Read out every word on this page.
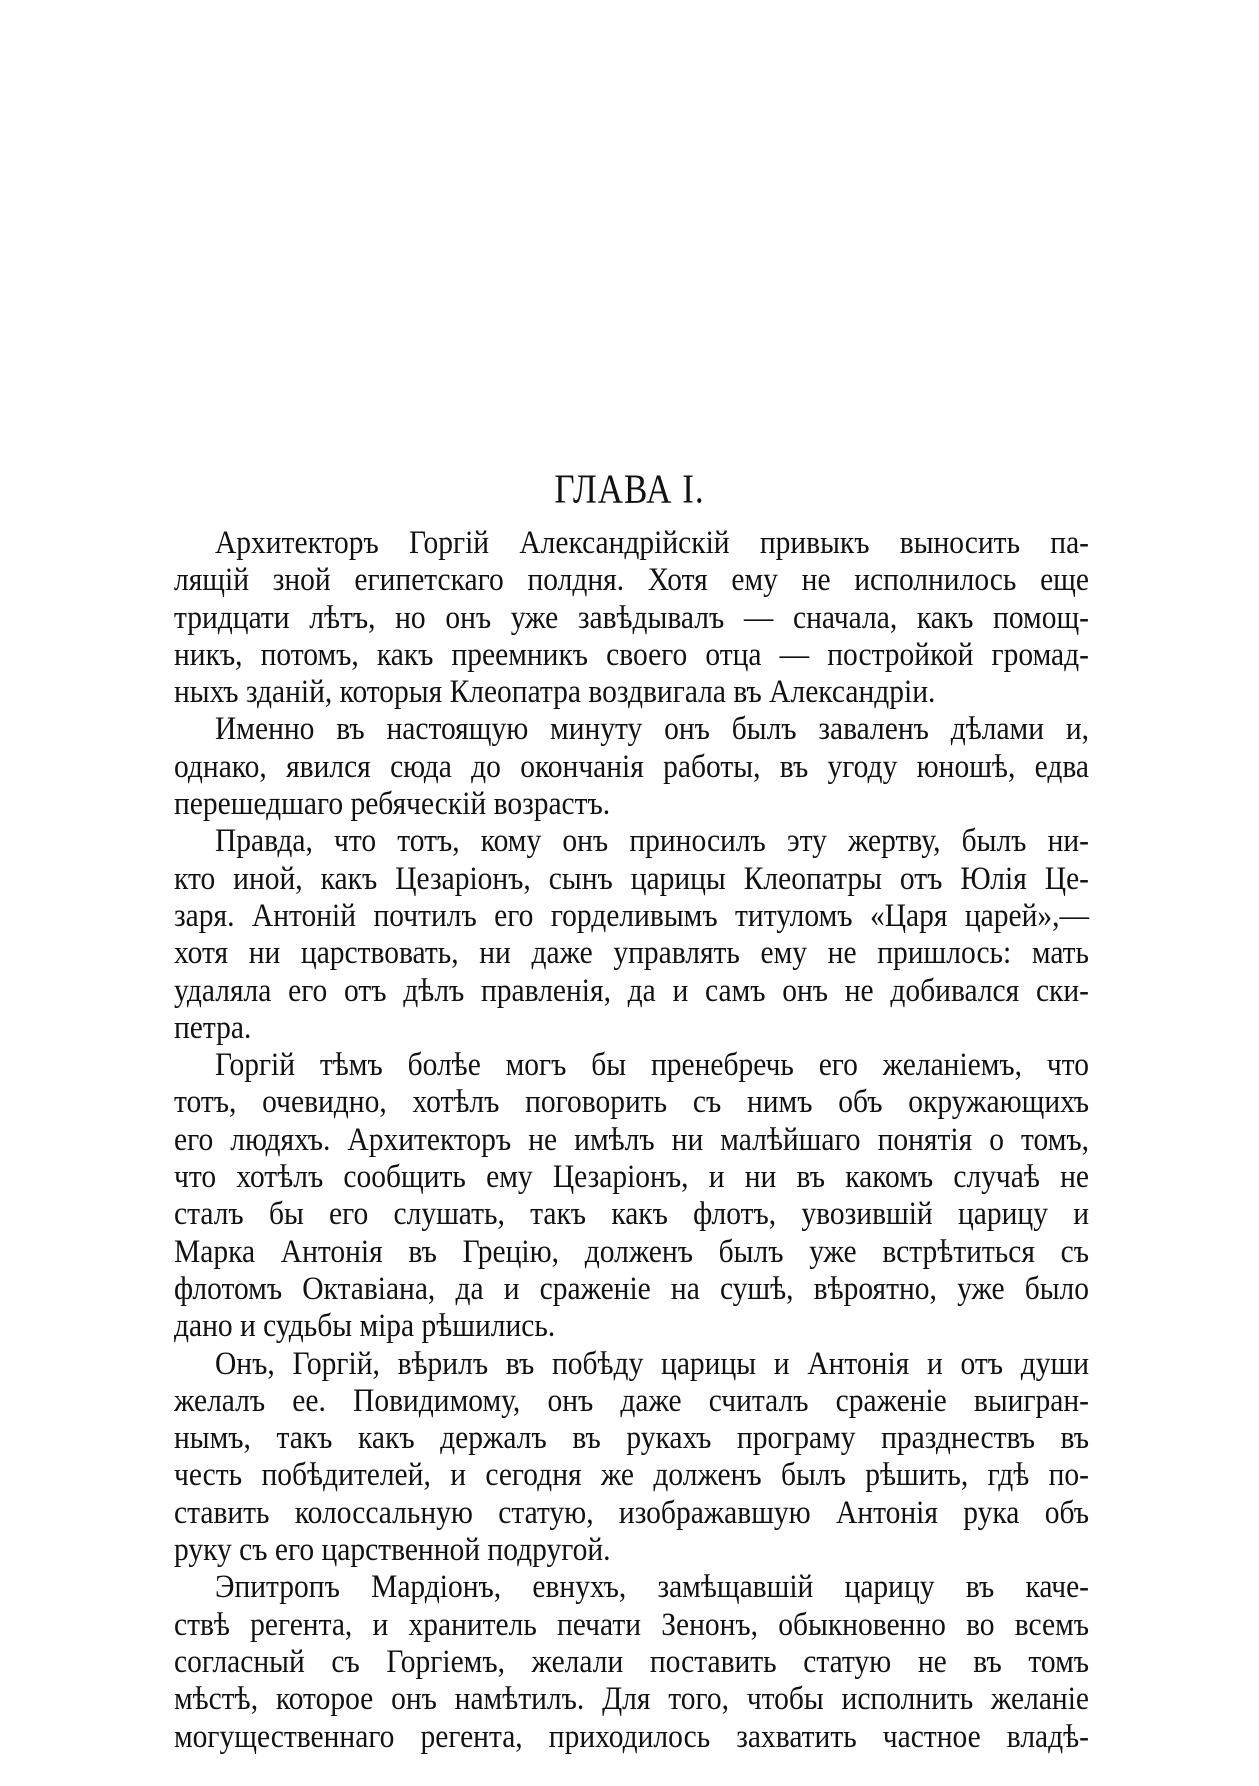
ГЛАВА I.
Архитекторъ Горгій Александрійскій привыкъ выносить па-
лящій зной египетскаго полдня. Хотя ему не исполнилось еще
тридцати лѣтъ, но онъ уже завѣдывалъ — сначала, какъ помощ-
никъ, потомъ, какъ преемникъ своего отца — постройкой громад-
ныхъ зданій, которыя Клеопатра воздвигала въ Александріи.
Именно въ настоящую минуту онъ былъ заваленъ дѣлами и,
однако, явился сюда до окончанія работы, въ угоду юношѣ, едва
перешедшаго ребяческій возрастъ.
Правда, что тотъ, кому онъ приносилъ эту жертву, былъ ни-
кто иной, какъ Цезаріонъ, сынъ царицы Клеопатры отъ Юлія Це-
заря. Антоній почтилъ его горделивымъ титуломъ «Царя царей»,—
хотя ни царствовать, ни даже управлять ему не пришлось: мать
удаляла его отъ дѣлъ правленія, да и самъ онъ не добивался ски-
петра.
Горгій тѣмъ болѣе могъ бы пренебречь его желаніемъ, что
тотъ, очевидно, хотѣлъ поговорить съ нимъ объ окружающихъ
его людяхъ. Архитекторъ не имѣлъ ни малѣйшаго понятія о томъ,
что хотѣлъ сообщить ему Цезаріонъ, и ни въ какомъ случаѣ не
сталъ бы его слушать, такъ какъ флотъ, увозившій царицу и
Марка Антонія въ Грецію, долженъ былъ уже встрѣтиться съ
флотомъ Октавіана, да и сраженіе на сушѣ, вѣроятно, уже было
дано и судьбы міра рѣшились.
Онъ, Горгій, вѣрилъ въ побѣду царицы и Антонія и отъ души
желалъ ее. Повидимому, онъ даже считалъ сраженіе выигран-
нымъ, такъ какъ держалъ въ рукахъ програму празднествъ въ
честь побѣдителей, и сегодня же долженъ былъ рѣшить, гдѣ по-
ставить колоссальную статую, изображавшую Антонія рука объ
руку съ его царственной подругой.
Эпитропъ Мардіонъ, евнухъ, замѣщавшій царицу въ каче-
ствѣ регента, и хранитель печати Зенонъ, обыкновенно во всемъ
согласный съ Горгіемъ, желали поставить статую не въ томъ
мѣстѣ, которое онъ намѣтилъ. Для того, чтобы исполнить желаніе
могущественнаго регента, приходилось захватить частное владѣ-
